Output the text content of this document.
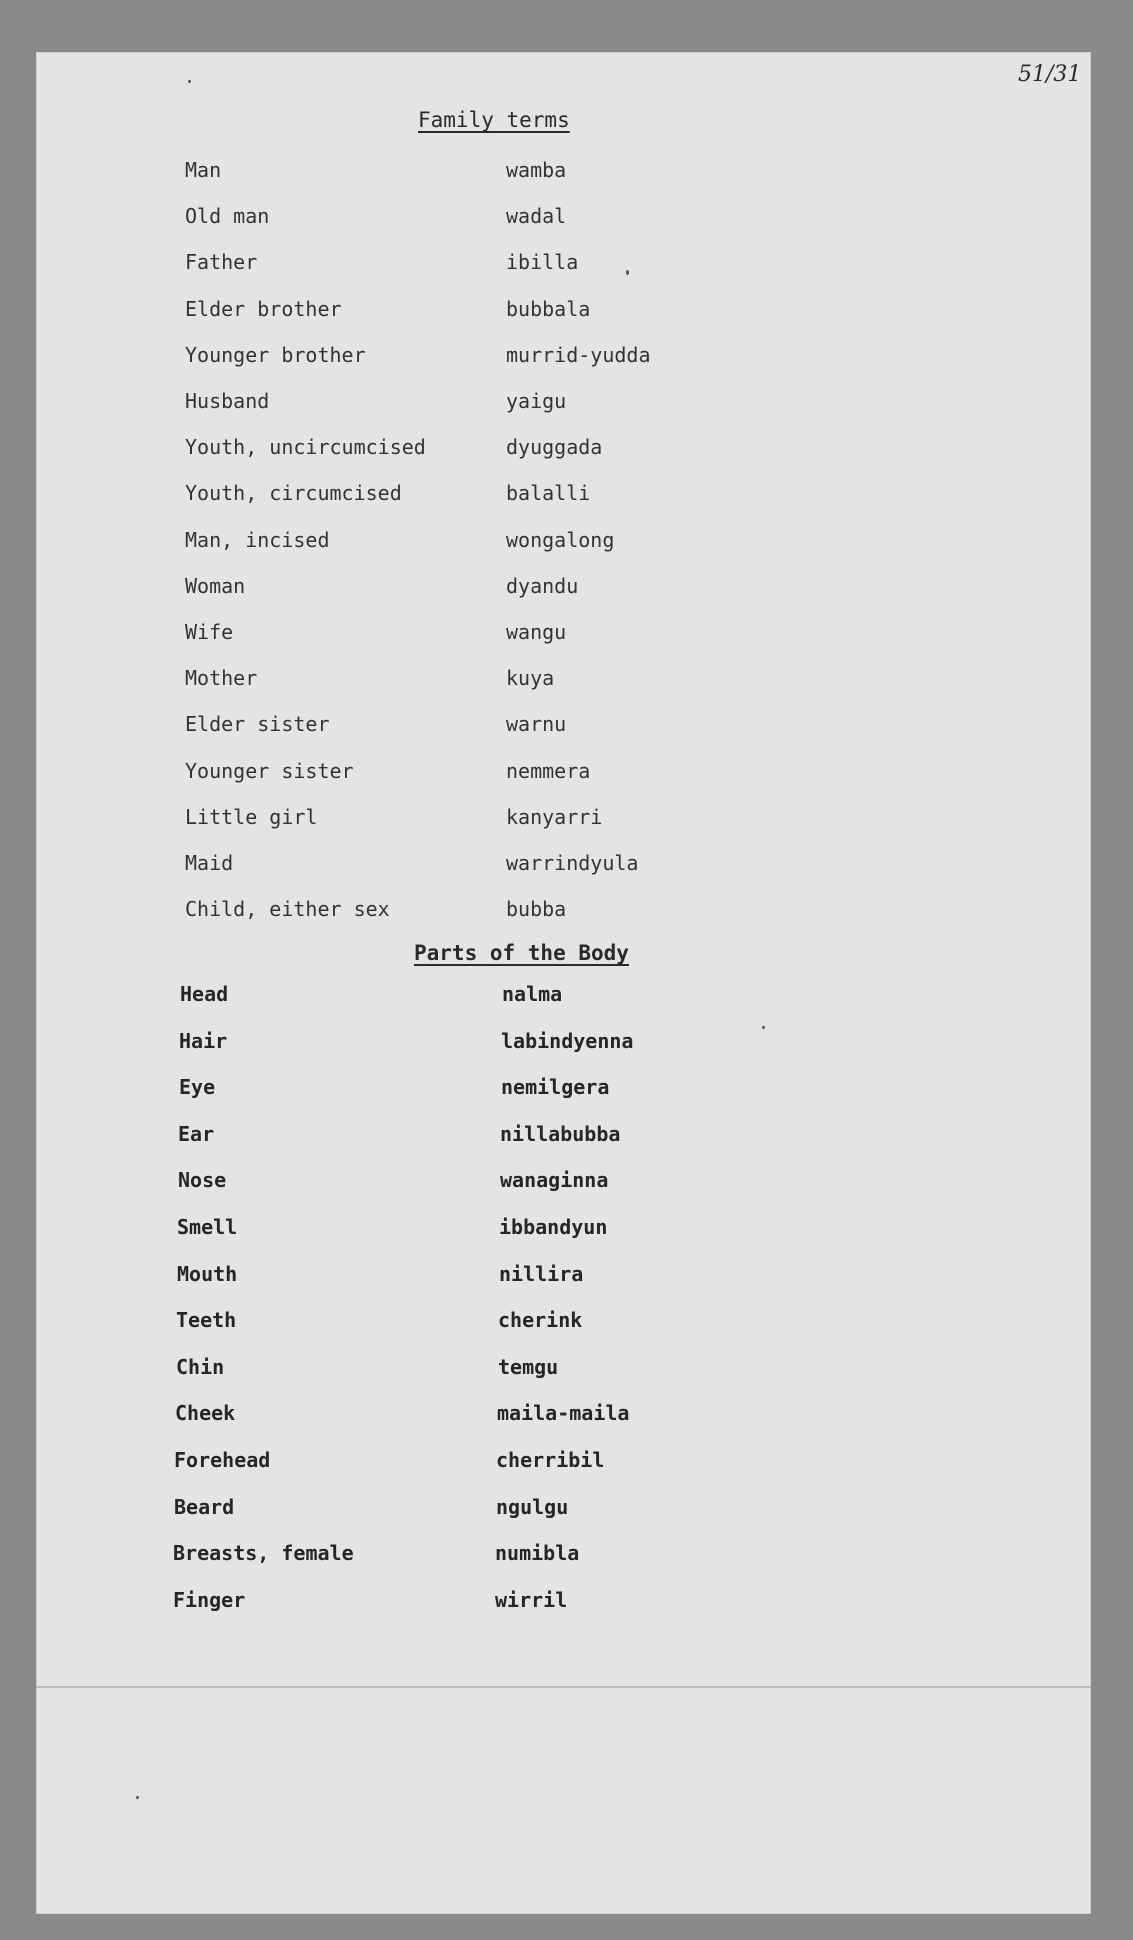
51/31
Family terms
Parts of the Body
Man	wamba
Old man	wadal
Father	ibilla
Elder brother	bubbala
Younger brother	murrid-yudda
Husband	yaigu
Youth, uncircumcised	dyuggada
Youth, circumcised	balalli
Man, incised	wongalong
Woman	dyandu
Wife	wangu
Mother	kuya
Elder sister	warnu
Younger sister	nemmera
Little girl	kanyarri
Maid	warrindyula
Child, either sex	bubba
Head	nalma
Hair	labindyenna
Eye	nemilgera
Ear	nillabubba
Nose	wanaginna
Smell	ibbandyun
Mouth	nillira
Teeth	cherink
Chin	temgu
Cheek	maila-maila
Forehead	cherribil
Beard	ngulgu
Breasts, female	numibla
Finger	wirril
